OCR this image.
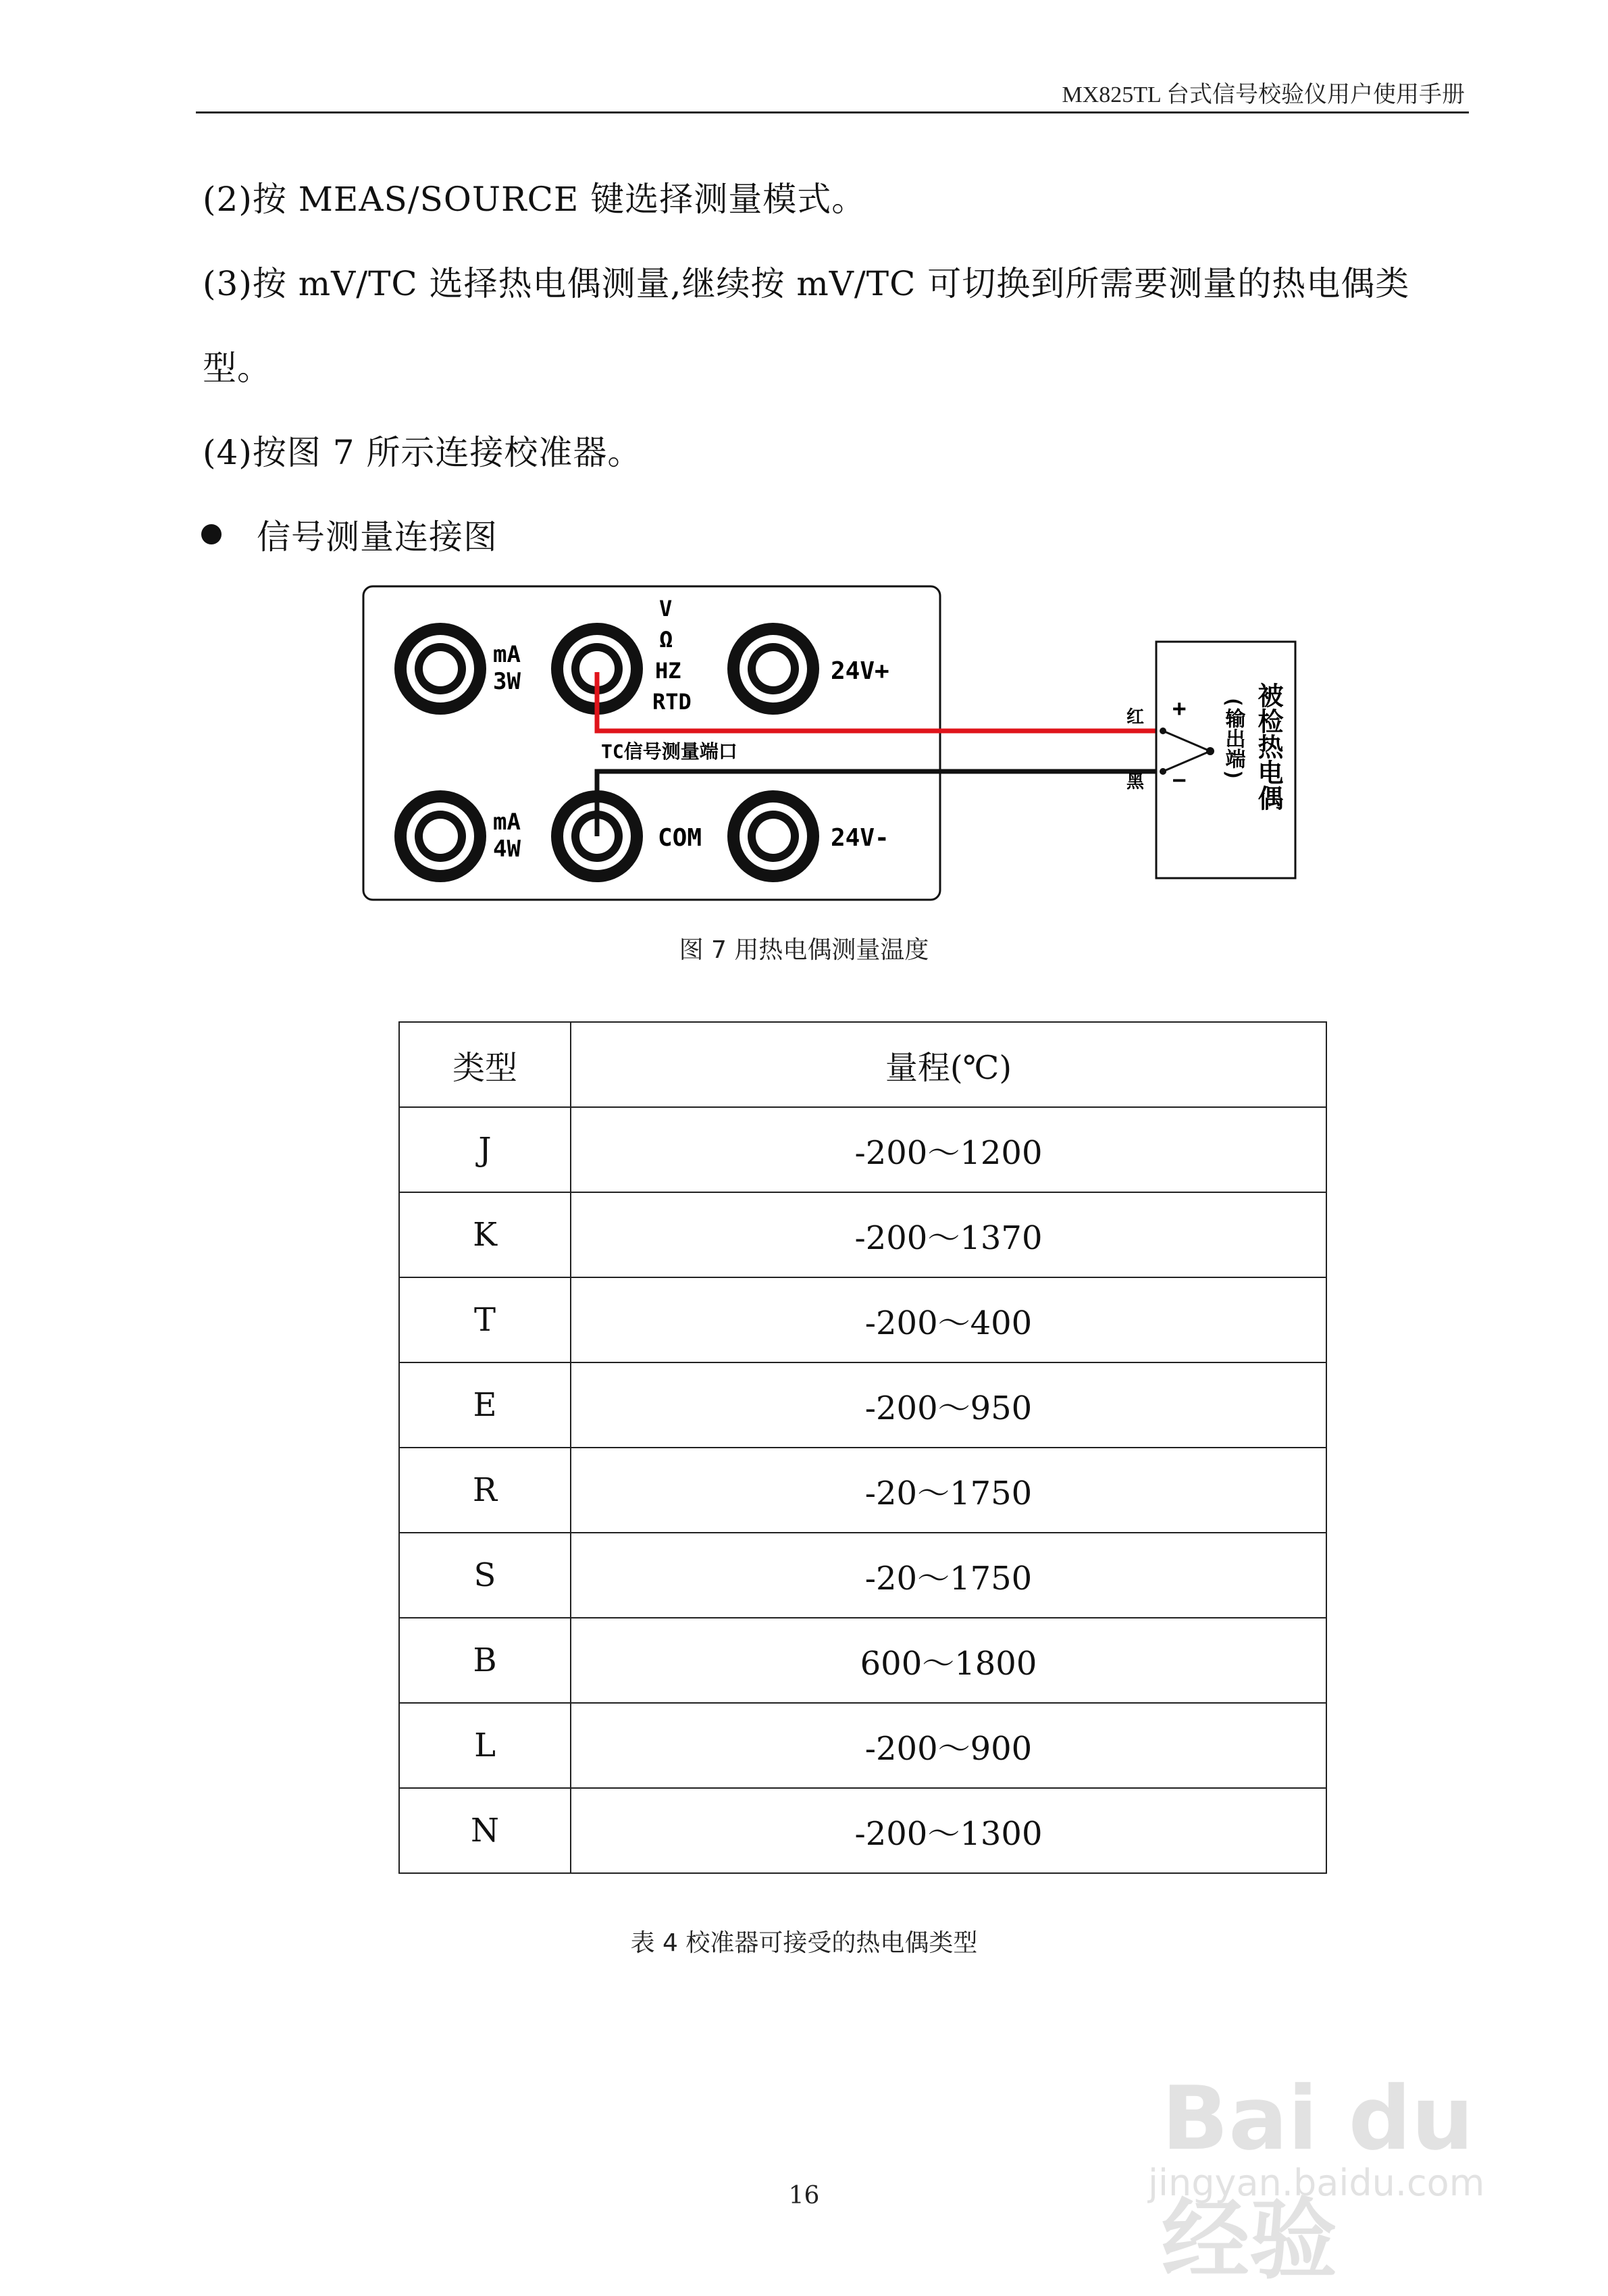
MX825TL 台式信号校验仪用户使用手册
(2)按 MEAS/SOURCE 键选择测量模式。
(3)按 mV/TC 选择热电偶测量,继续按 mV/TC 可切换到所需要测量的热电偶类
型。
(4)按图 7 所示连接校准器。
信号测量连接图
mA
3W
V
Ω
HZ
RTD
24V+
mA
4W	COM	24V-
TC信号测量端口
红
黑
+
−	被检热电偶
(输出端)
图 7 用热电偶测量温度
类型	量程(℃)
J	-200～1200
K	-200～1370
T	-200～400
E	-200～950
R	-20～1750
S	-20～1750
B	600～1800
L	-200～900
N	-200～1300
表 4 校准器可接受的热电偶类型
Bai du 经验
jingyan.baidu.com
16
